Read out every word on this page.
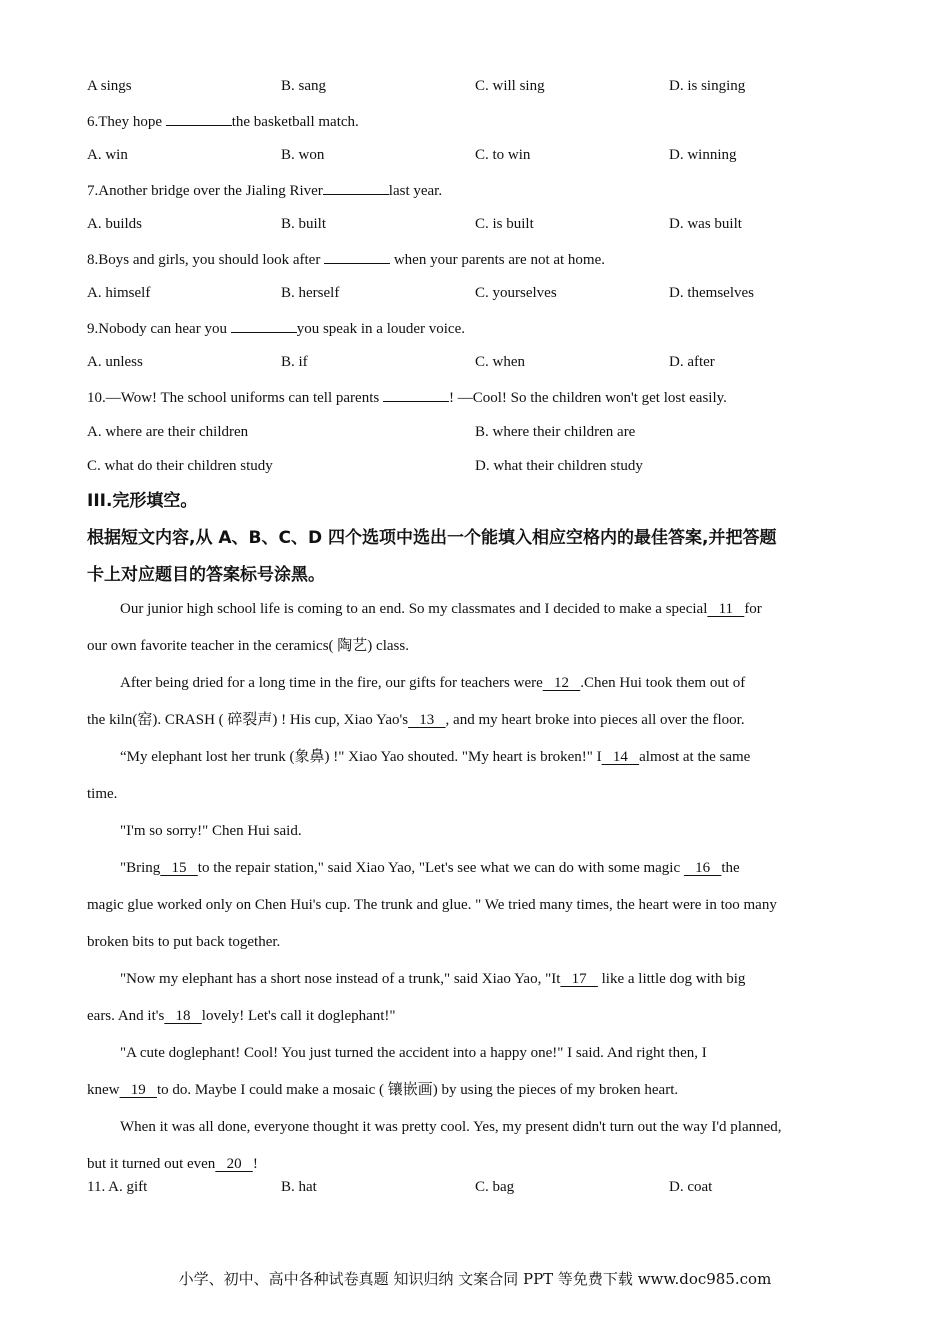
A sings	B. sang	C. will sing	D. is singing
6.They hope	the basketball match.
A. win	B. won	C. to win	D. winning
7.Another bridge over the Jialing River	last year.
A. builds	B. built	C. is built	D. was built
8.Boys and girls, you should look after	when your parents are not at home.
A. himself	B. herself	C. yourselves	D. themselves
9.Nobody can hear you	you speak in a louder voice.
A. unless	B. if	C. when	D. after
10.—Wow! The school uniforms can tell parents	! —Cool! So the children won't get lost easily.
A. where are their children	B. where their children are
C. what do their children study	D. what their children study
III.完形填空。
根据短文内容,从 A、B、C、D 四个选项中选出一个能填入相应空格内的最佳答案,并把答题
卡上对应题目的答案标号涂黑。
Our junior high school life is coming to an end. So my classmates and I decided to make a special   11   for
our own favorite teacher in the ceramics( 陶艺) class.
After being dried for a long time in the fire, our gifts for teachers were   12   .Chen Hui took them out of
the kiln(窑). CRASH ( 碎裂声) ! His cup, Xiao Yao's   13   , and my heart broke into pieces all over the floor.
“My elephant lost her trunk (象鼻) !" Xiao Yao shouted. "My heart is broken!" I   14   almost at the same
time.
"I'm so sorry!" Chen Hui said.
"Bring   15   to the repair station," said Xiao Yao, "Let's see what we can do with some magic    16   the
magic glue worked only on Chen Hui's cup. The trunk and glue. " We tried many times, the heart were in too many
broken bits to put back together.
"Now my elephant has a short nose instead of a trunk," said Xiao Yao, "It   17    like a little dog with big
ears. And it's   18   lovely! Let's call it doglephant!"
"A cute doglephant! Cool! You just turned the accident into a happy one!" I said. And right then, I
knew   19   to do. Maybe I could make a mosaic ( 镶嵌画) by using the pieces of my broken heart.
When it was all done, everyone thought it was pretty cool. Yes, my present didn't turn out the way I'd planned,
but it turned out even   20   !
11. A. gift	B. hat	C. bag	D. coat
小学、初中、高中各种试卷真题 知识归纳 文案合同 PPT 等免费下载 www.doc985.com
